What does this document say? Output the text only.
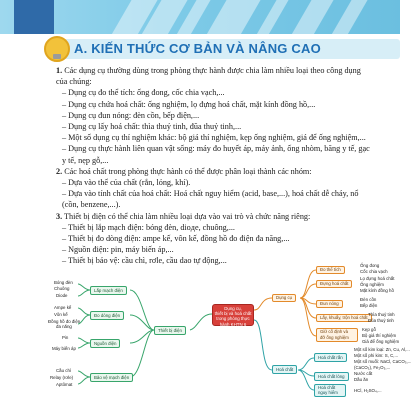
A. KIẾN THỨC CƠ BẢN VÀ NÂNG CAO

1. Các dụng cụ thường dùng trong phòng thực hành được chia làm nhiều loại theo công dụng của chúng:

– Dụng cụ đo thể tích: ống đong, cốc chia vạch,...

– Dụng cụ chứa hoá chất: ống nghiệm, lọ đựng hoá chất, mặt kính đồng hồ,...

– Dụng cụ đun nóng: đèn cồn, bếp điện,...

– Dụng cụ lấy hoá chất: thìa thuỷ tinh, đũa thuỷ tinh,...

– Một số dụng cụ thí nghiệm khác: bộ giá thí nghiệm, kẹp ống nghiệm, giá để ống nghiệm,...

– Dụng cụ thực hành liên quan vật sống: máy đo huyết áp, máy ảnh, ống nhòm, băng y tế, gạc y tế, nẹp gỗ,...

2. Các hoá chất trong phòng thực hành có thể được phân loại thành các nhóm:

– Dựa vào thể của chất (rắn, lỏng, khí).

– Dựa vào tính chất của hoá chất: Hoá chất nguy hiểm (acid, base,...), hoá chất dễ cháy, nổ (cồn, benzene,...).

3. Thiết bị điện có thể chia làm nhiều loại dựa vào vai trò và chức năng riêng:

– Thiết bị lắp mạch điện: bóng đèn, dioде, chuông,...

– Thiết bị đo dòng điện: ampe kế, vôn kế, đồng hồ đo điện đa năng,...

– Nguồn điện: pin, máy biến áp,...

– Thiết bị bảo vệ: cầu chì, rơle, cầu dao tự động,...

Dụng cụ,
thiết bị và hoá chất
trong phòng thực
hành KHTN 6
Thiết bị điện
Lắp mạch điện
Bóng đèn
Chuông
Diode
Đo dòng điện
Ampe kế
Vôn kế
Đồng hồ đo điện
đa năng
Nguồn điện
Pin
Máy biến áp
Bảo vệ mạch điện
Cầu chì
Relay (rơle)
Aptômat
Dụng cụ
Đo thể tích
Ống đong
Cốc chia vạch
Đựng hoá chất
Lọ đựng hoá chất
Ống nghiệm
Mặt kính đồng hồ
Đun nóng
Đèn cồn
Bếp điện
Lấy, khuấy, trộn hoá chất
Thìa thuỷ tinh
Đũa thuỷ tinh
Giữ cố định và đỡ ống nghiệm
Kẹp gỗ
Bộ giá thí nghiệm
Giá để ống nghiệm
Hoá chất
Hoá chất rắn
Một số kim loại: Zn, Cu, Al,...
Một số phi kim: S, C,...
Một số muối: NaCl, CaCO₃,...
(CaCO₃), Fe₂O₃,...
Hoá chất lỏng
Nước cất
Dầu ăn
Hoá chất nguy hiểm	HCl, H₂SO₄,...
